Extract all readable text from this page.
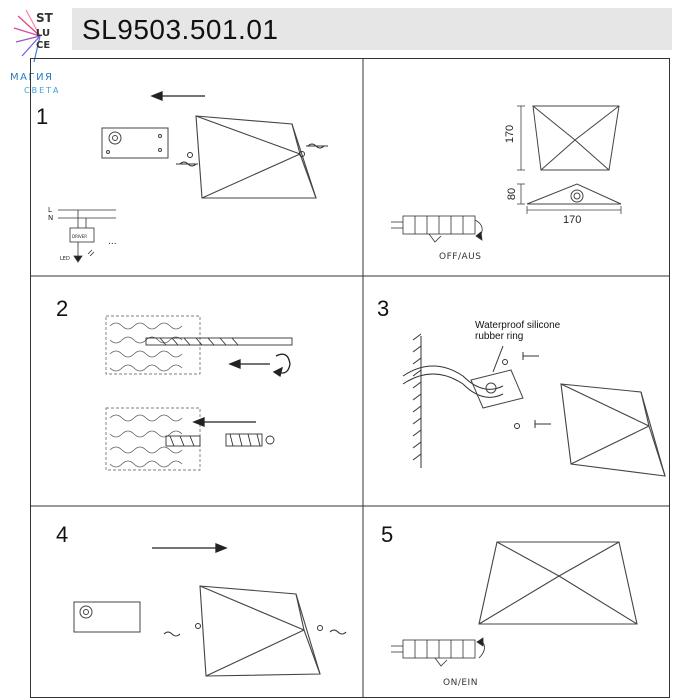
SL9503.501.01
ST
LU
CE
МАГИЯ
СВЕТА
1
L
N
DRIVER
LED
...
170
80
170
OFF/AUS
2	3
Waterproof silicone
rubber ring
4	5
ON/EIN
